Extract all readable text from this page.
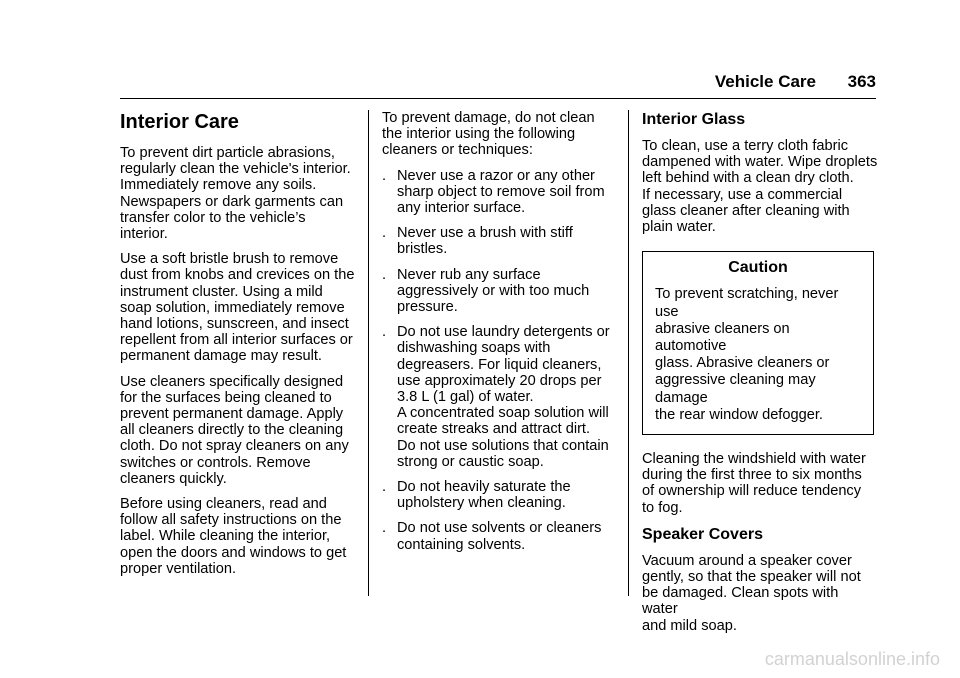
Vehicle Care 363
Interior Care

To prevent dirt particle abrasions,
regularly clean the vehicle's interior.
Immediately remove any soils.
Newspapers or dark garments can
transfer color to the vehicle’s
interior.

Use a soft bristle brush to remove
dust from knobs and crevices on the
instrument cluster. Using a mild
soap solution, immediately remove
hand lotions, sunscreen, and insect
repellent from all interior surfaces or
permanent damage may result.

Use cleaners specifically designed
for the surfaces being cleaned to
prevent permanent damage. Apply
all cleaners directly to the cleaning
cloth. Do not spray cleaners on any
switches or controls. Remove
cleaners quickly.

Before using cleaners, read and
follow all safety instructions on the
label. While cleaning the interior,
open the doors and windows to get
proper ventilation.

To prevent damage, do not clean
the interior using the following
cleaners or techniques:

. Never use a razor or any other
sharp object to remove soil from
any interior surface.
. Never use a brush with stiff
bristles.
. Never rub any surface
aggressively or with too much
pressure.
. Do not use laundry detergents or
dishwashing soaps with
degreasers. For liquid cleaners,
use approximately 20 drops per
3.8 L (1 gal) of water.
A concentrated soap solution will
create streaks and attract dirt.
Do not use solutions that contain
strong or caustic soap.
. Do not heavily saturate the
upholstery when cleaning.
. Do not use solvents or cleaners
containing solvents.
Interior Glass

To clean, use a terry cloth fabric
dampened with water. Wipe droplets
left behind with a clean dry cloth.
If necessary, use a commercial
glass cleaner after cleaning with
plain water.

Caution
To prevent scratching, never use
abrasive cleaners on automotive
glass. Abrasive cleaners or
aggressive cleaning may damage
the rear window defogger.

Cleaning the windshield with water
during the first three to six months
of ownership will reduce tendency
to fog.

Speaker Covers

Vacuum around a speaker cover
gently, so that the speaker will not
be damaged. Clean spots with water
and mild soap.

carmanualsonline.info
